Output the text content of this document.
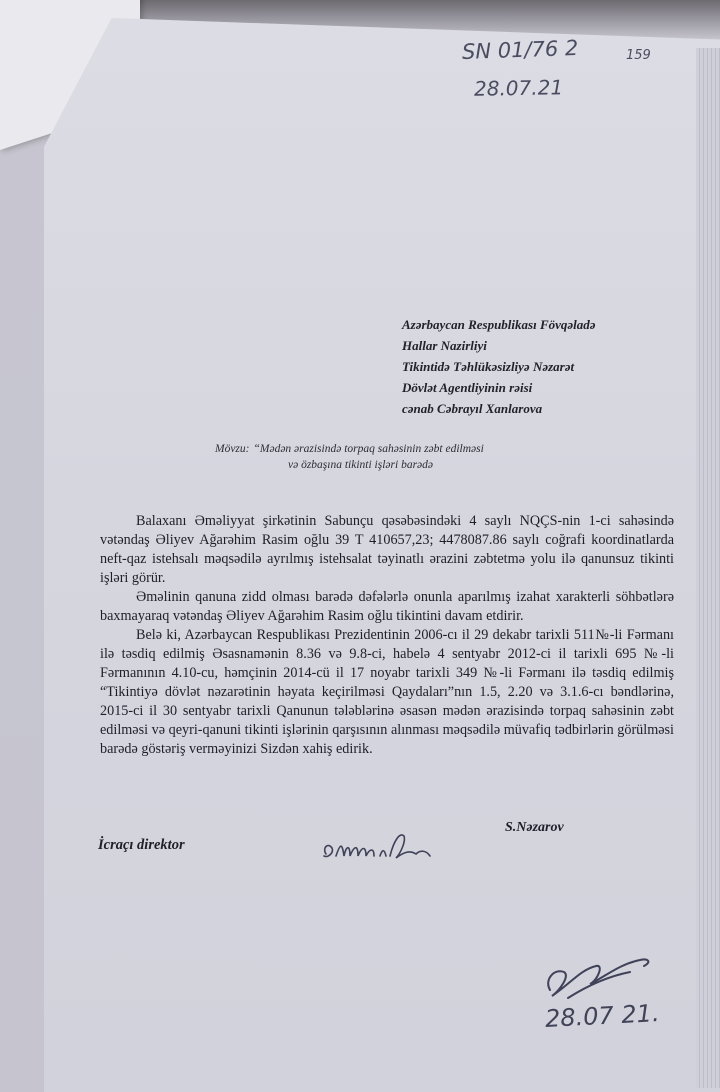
SN 01/76 2
28.07.21
159
Azərbaycan Respublikası Fövqəladə
Hallar Nazirliyi
Tikintidə Təhlükəsizliyə Nəzarət
Dövlət Agentliyinin rəisi
cənab Cəbrayıl Xanlarova
Mövzu: “Mədən ərazisində torpaq sahəsinin zəbt edilməsi
və özbaşına tikinti işləri barədə

Balaxanı Əməliyyat şirkətinin Sabunçu qəsəbəsindəki 4 saylı NQÇS-nin 1-ci sahəsində vətəndaş Əliyev Ağarəhim Rasim oğlu 39 T 410657,23; 4478087.86 saylı coğrafi koordinatlarda neft-qaz istehsalı məqsədilə ayrılmış istehsalat təyinatlı ərazini zəbtetmə yolu ilə qanunsuz tikinti işləri görür.

Əməlinin qanuna zidd olması barədə dəfələrlə onunla aparılmış izahat xarakterli söhbətlərə baxmayaraq vətəndaş Əliyev Ağarəhim Rasim oğlu tikintini davam etdirir.

Belə ki, Azərbaycan Respublikası Prezidentinin 2006-cı il 29 dekabr tarixli 511№-li Fərmanı ilə təsdiq edilmiş Əsasnamənin 8.36 və 9.8-ci, habelə 4 sentyabr 2012-ci il tarixli 695 №-li Fərmanının 4.10-cu, həmçinin 2014-cü il 17 noyabr tarixli 349 №-li Fərmanı ilə təsdiq edilmiş “Tikintiyə dövlət nəzarətinin həyata keçirilməsi Qaydaları”nın 1.5, 2.20 və 3.1.6-cı bəndlərinə, 2015-ci il 30 sentyabr tarixli Qanunun tələblərinə əsasən mədən ərazisində torpaq sahəsinin zəbt edilməsi və qeyri-qanuni tikinti işlərinin qarşısının alınması məqsədilə müvafiq tədbirlərin görülməsi barədə göstəriş verməyinizi Sizdən xahiş edirik.

İcraçı direktor
S.Nəzarov
28.07 21.
